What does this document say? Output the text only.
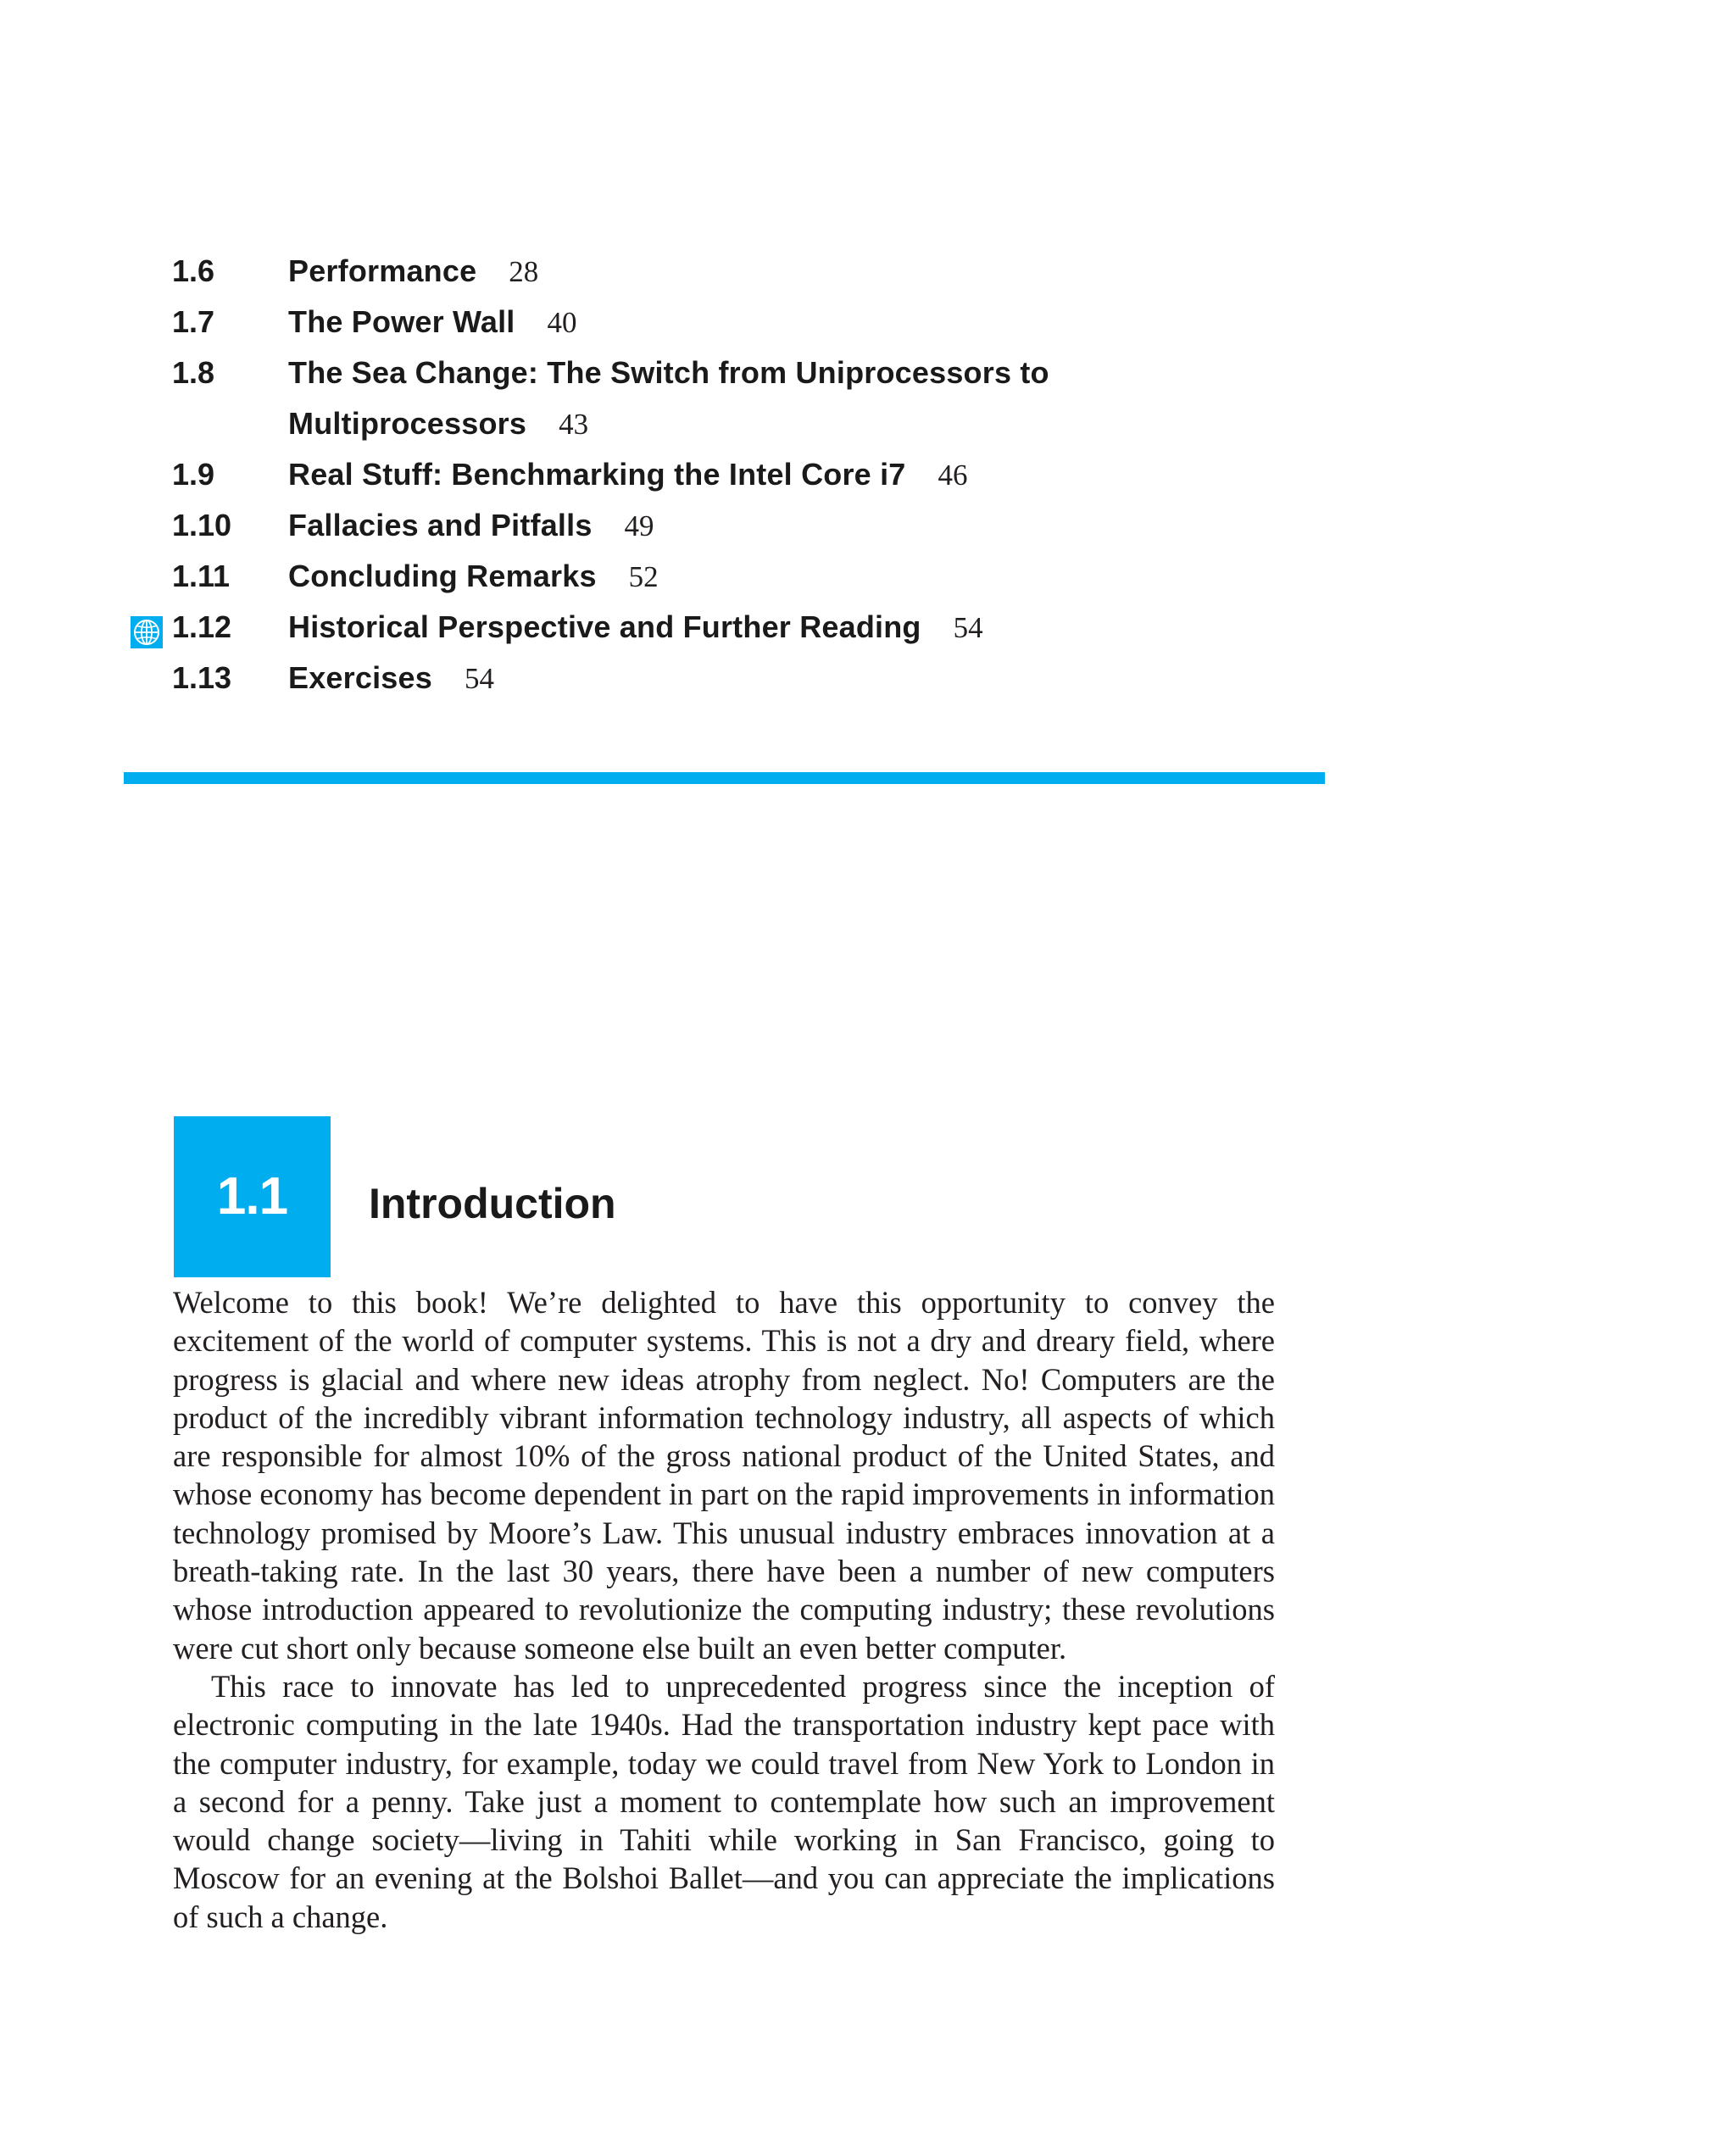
1.6 Performance 28
1.7 The Power Wall 40
1.8 The Sea Change: The Switch from Uniprocessors to
Multiprocessors 43
1.9 Real Stuff: Benchmarking the Intel Core i7 46
1.10 Fallacies and Pitfalls 49
1.11 Concluding Remarks 52
1.12 Historical Perspective and Further Reading 54
1.13 Exercises 54
1.1	Introduction

Welcome to this book! We’re delighted to have this opportunity to convey the excitement of the world of computer systems. This is not a dry and dreary field, where progress is glacial and where new ideas atrophy from neglect. No! Computers are the product of the incredibly vibrant information technology industry, all aspects of which are responsible for almost 10% of the gross national product of the United States, and whose economy has become dependent in part on the rapid improvements in information technology promised by Moore’s Law. This unusual industry embraces innovation at a breath-taking rate. In the last 30 years, there have been a number of new computers whose introduction appeared to revolutionize the computing industry; these revolutions were cut short only because someone else built an even better computer.

This race to innovate has led to unprecedented progress since the inception of electronic computing in the late 1940s. Had the transportation industry kept pace with the computer industry, for example, today we could travel from New York to London in a second for a penny. Take just a moment to contemplate how such an improvement would change society—living in Tahiti while working in San Francisco, going to Moscow for an evening at the Bolshoi Ballet—and you can appreciate the implications of such a change.
